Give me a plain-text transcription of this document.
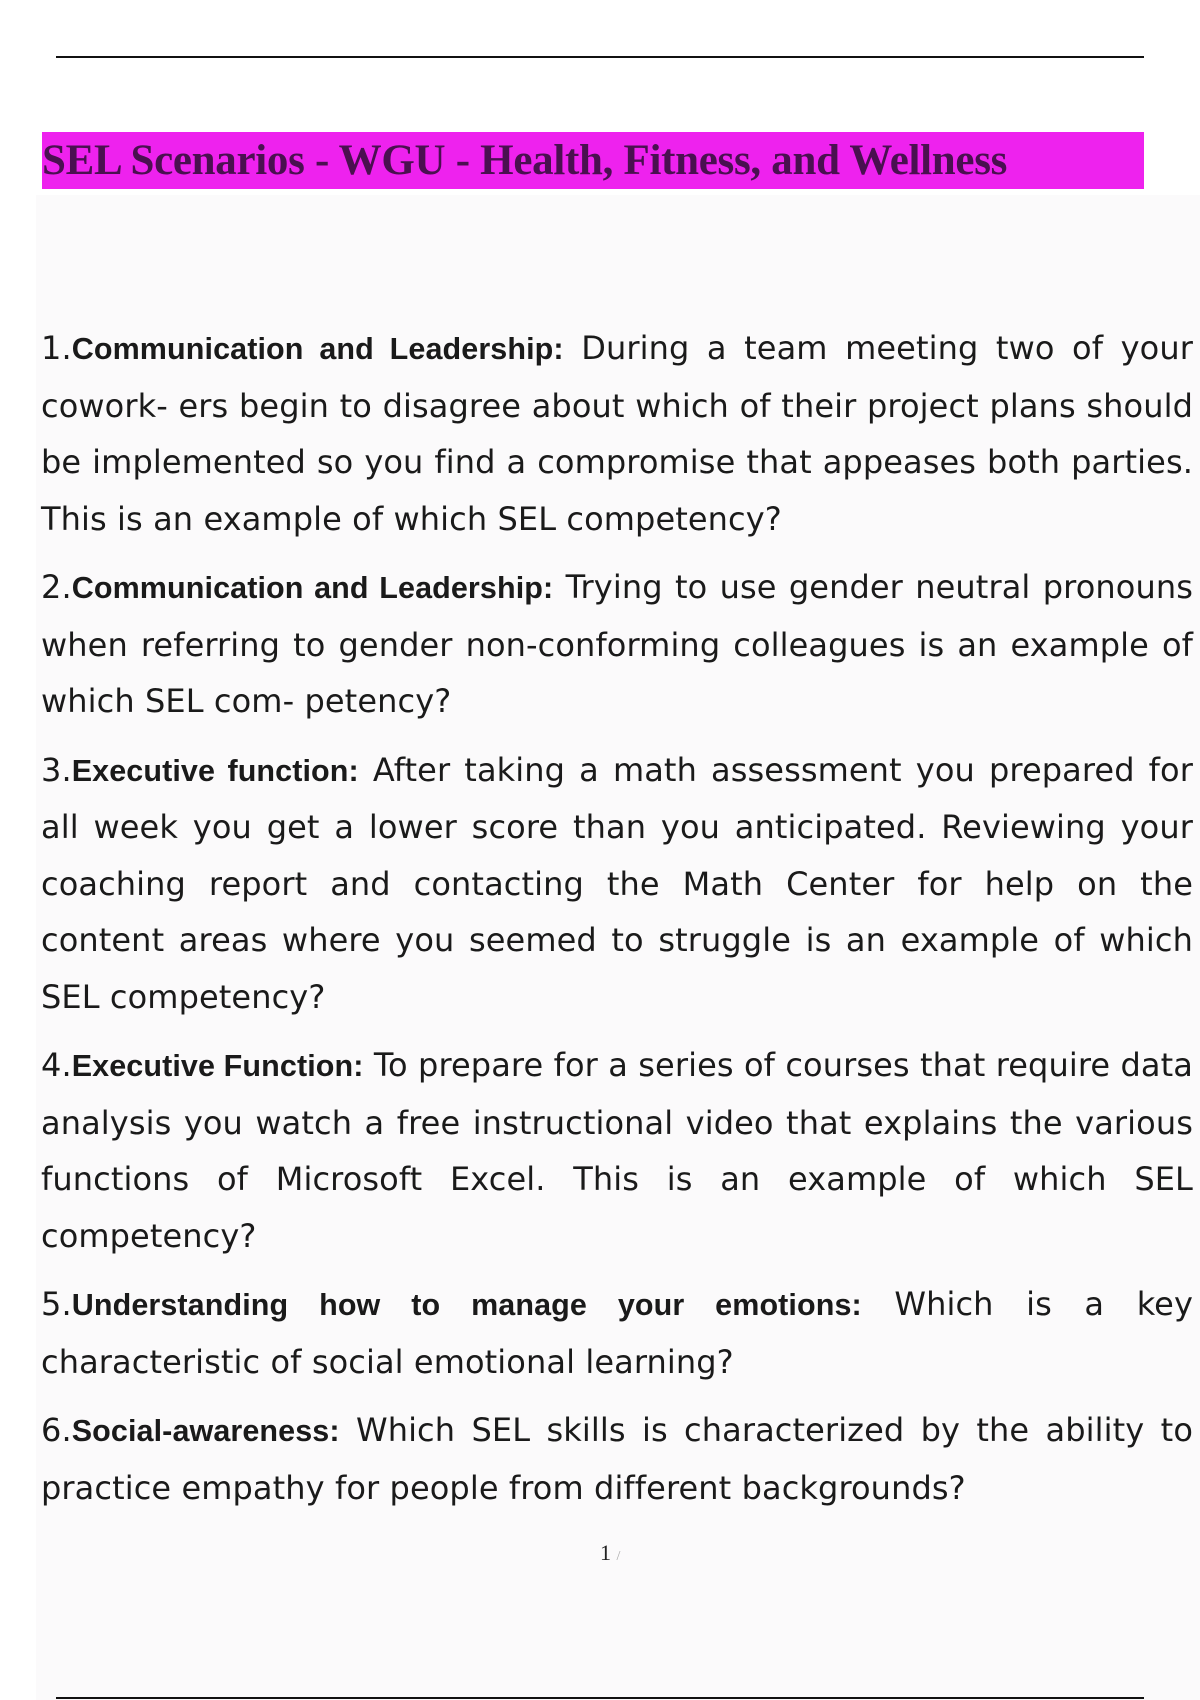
SEL Scenarios - WGU - Health, Fitness, and Wellness

1.Communication and Leadership: During a team meeting two of your cowork- ers begin to disagree about which of their project plans should be implemented so you find a compromise that appeases both parties. This is an example of which SEL competency?

2.Communication and Leadership: Trying to use gender neutral pronouns when referring to gender non-conforming colleagues is an example of which SEL com- petency?

3.Executive function: After taking a math assessment you prepared for all week you get a lower score than you anticipated. Reviewing your coaching report and contacting the Math Center for help on the content areas where you seemed to struggle is an example of which SEL competency?

4.Executive Function: To prepare for a series of courses that require data analysis you watch a free instructional video that explains the various functions of Microsoft Excel. This is an example of which SEL competency?

5.Understanding how to manage your emotions: Which is a key characteristic of social emotional learning?

6.Social-awareness: Which SEL skills is characterized by the ability to practice empathy for people from different backgrounds?

1 /
